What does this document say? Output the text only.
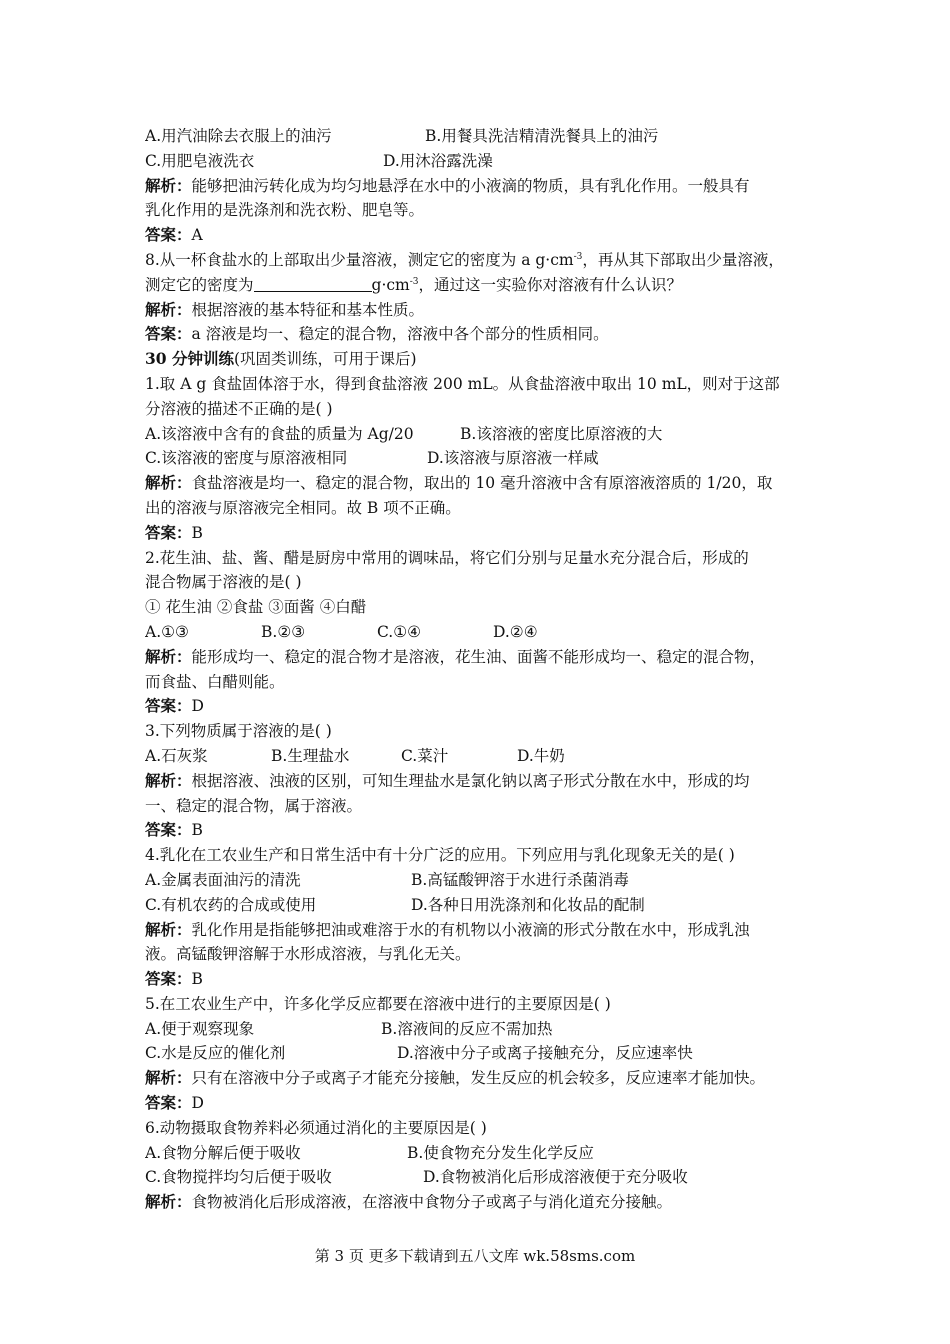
A.用汽油除去衣服上的油污	B.用餐具洗洁精清洗餐具上的油污
C.用肥皂液洗衣	D.用沐浴露洗澡
解析：能够把油污转化成为均匀地悬浮在水中的小液滴的物质，具有乳化作用。一般具有
乳化作用的是洗涤剂和洗衣粉、肥皂等。
答案：A
8.从一杯食盐水的上部取出少量溶液，测定它的密度为 a $g\cdot cm^{-3}$，再从其下部取出少量溶液，
测定它的密度为	$g\cdot cm^{-3}$，通过这一实验你对溶液有什么认识？
解析：根据溶液的基本特征和基本性质。
答案：a 溶液是均一、稳定的混合物，溶液中各个部分的性质相同。
30 分钟训练(巩固类训练，可用于课后)
1.取 A g 食盐固体溶于水，得到食盐溶液 200 mL。从食盐溶液中取出 10 mL，则对于这部
分溶液的描述不正确的是( )
A.该溶液中含有的食盐的质量为 Ag/20	B.该溶液的密度比原溶液的大
C.该溶液的密度与原溶液相同	D.该溶液与原溶液一样咸
解析：食盐溶液是均一、稳定的混合物，取出的 10 毫升溶液中含有原溶液溶质的 1/20，取
出的溶液与原溶液完全相同。故 B 项不正确。
答案：B
2.花生油、盐、酱、醋是厨房中常用的调味品，将它们分别与足量水充分混合后，形成的
混合物属于溶液的是( )
① 花生油 ②食盐 ③面酱 ④白醋
A.①③	B.②③	C.①④	D.②④
解析：能形成均一、稳定的混合物才是溶液，花生油、面酱不能形成均一、稳定的混合物，
而食盐、白醋则能。
答案：D
3.下列物质属于溶液的是( )
A.石灰浆	B.生理盐水	C.菜汁	D.牛奶
解析：根据溶液、浊液的区别，可知生理盐水是氯化钠以离子形式分散在水中，形成的均
一、稳定的混合物，属于溶液。
答案：B
4.乳化在工农业生产和日常生活中有十分广泛的应用。下列应用与乳化现象无关的是( )
A.金属表面油污的清洗	B.高锰酸钾溶于水进行杀菌消毒
C.有机农药的合成或使用	D.各种日用洗涤剂和化妆品的配制
解析：乳化作用是指能够把油或难溶于水的有机物以小液滴的形式分散在水中，形成乳浊
液。高锰酸钾溶解于水形成溶液，与乳化无关。
答案：B
5.在工农业生产中，许多化学反应都要在溶液中进行的主要原因是( )
A.便于观察现象	B.溶液间的反应不需加热
C.水是反应的催化剂	D.溶液中分子或离子接触充分，反应速率快
解析：只有在溶液中分子或离子才能充分接触，发生反应的机会较多，反应速率才能加快。
答案：D
6.动物摄取食物养料必须通过消化的主要原因是( )
A.食物分解后便于吸收	B.使食物充分发生化学反应
C.食物搅拌均匀后便于吸收	D.食物被消化后形成溶液便于充分吸收
解析：食物被消化后形成溶液，在溶液中食物分子或离子与消化道充分接触。
第 3 页 更多下载请到五八文库 wk.58sms.com
